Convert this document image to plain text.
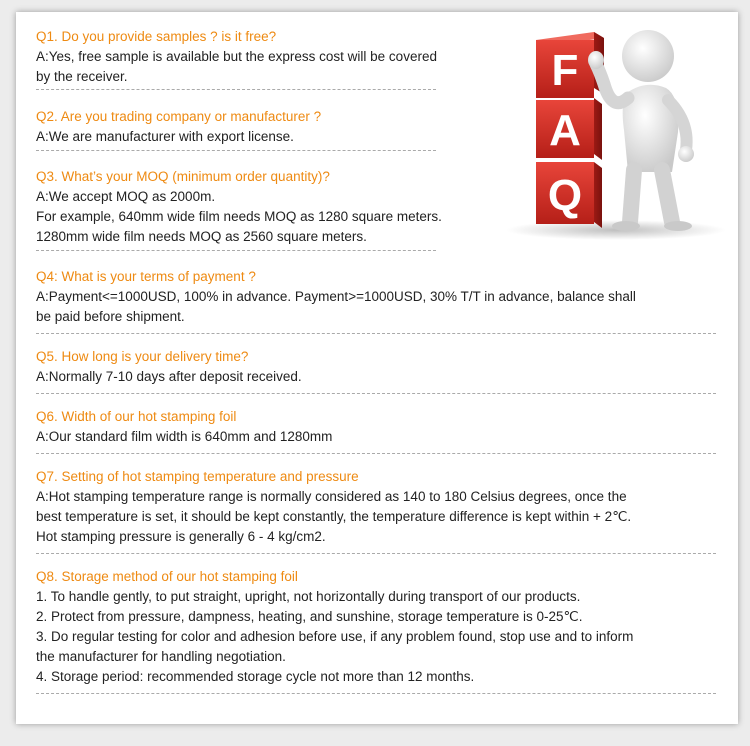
Q1. Do you provide samples ? is it free?

A:Yes, free sample is available but the express cost will be covered

by the receiver.

Q2. Are you trading company or manufacturer ?

A:We are manufacturer with export license.

Q3. What’s your MOQ (minimum order quantity)?

A:We accept MOQ as 2000m.

For example, 640mm wide film needs MOQ as 1280 square meters.

1280mm wide film needs MOQ as 2560 square meters.

Q4: What is your terms of payment ?

A:Payment<=1000USD, 100% in advance. Payment>=1000USD, 30% T/T in advance, balance shall

be paid before shipment.

Q5. How long is your delivery time?

A:Normally 7-10 days after deposit received.

Q6. Width of our hot stamping foil

A:Our standard film width is 640mm and 1280mm

Q7. Setting of hot stamping temperature and pressure

A:Hot stamping temperature range is normally considered as 140 to 180 Celsius degrees, once the

best temperature is set, it should be kept constantly, the temperature difference is kept within + 2℃.

Hot stamping pressure is generally 6 - 4 kg/cm2.

Q8. Storage method of our hot stamping foil

1. To handle gently, to put straight, upright, not horizontally during transport of our products.

2. Protect from pressure, dampness, heating, and sunshine, storage temperature is 0-25℃.

3. Do regular testing for color and adhesion before use, if any problem found, stop use and to inform

the manufacturer for handling negotiation.

4. Storage period: recommended storage cycle not more than 12 months.

F
A
Q
